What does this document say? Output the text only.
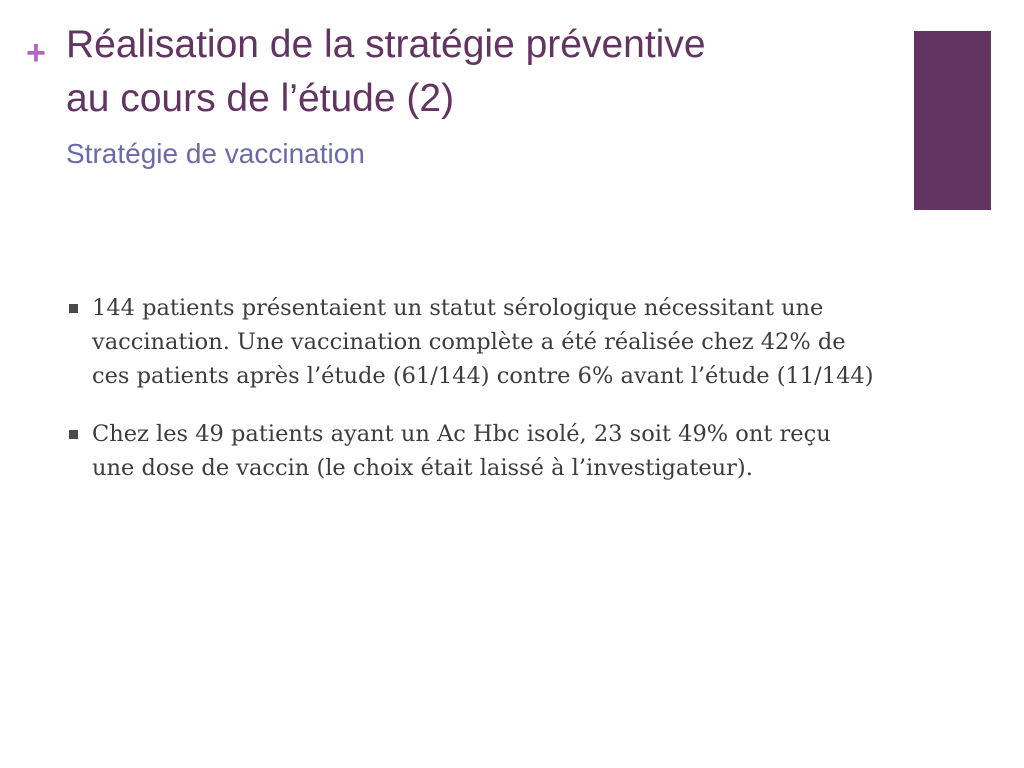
+ Réalisation de la stratégie préventive
au cours de l’étude (2)
Stratégie de vaccination
144 patients présentaient un statut sérologique nécessitant une vaccination. Une vaccination complète a été réalisée chez 42% de ces patients après l’étude (61/144) contre 6% avant l’étude (11/144)
Chez les 49 patients ayant un Ac Hbc isolé, 23 soit 49% ont reçu une dose de vaccin (le choix était laissé à l’investigateur).
